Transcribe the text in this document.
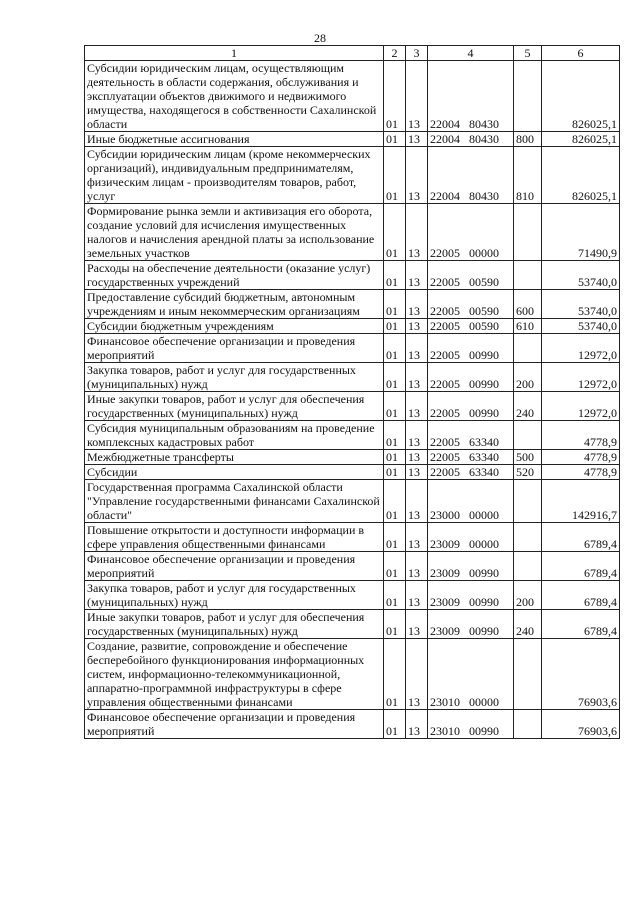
28
1	2	3	4	5	6
Субсидии юридическим лицам, осуществляющим деятельность в области содержания, обслуживания и эксплуатации объектов движимого и недвижимого имущества, находящегося в собственности Сахалинской области	01	13	22004 80430		826025,1
Иные бюджетные ассигнования	01	13	22004 80430	800	826025,1
Субсидии юридическим лицам (кроме некоммерческих организаций), индивидуальным предпринимателям, физическим лицам - производителям товаров, работ, услуг	01	13	22004 80430	810	826025,1
Формирование рынка земли и активизация его оборота, создание условий для исчисления имущественных налогов и начисления арендной платы за использование земельных участков	01	13	22005 00000		71490,9
Расходы на обеспечение деятельности (оказание услуг) государственных учреждений	01	13	22005 00590		53740,0
Предоставление субсидий бюджетным, автономным учреждениям и иным некоммерческим организациям	01	13	22005 00590	600	53740,0
Субсидии бюджетным учреждениям	01	13	22005 00590	610	53740,0
Финансовое обеспечение организации и проведения мероприятий	01	13	22005 00990		12972,0
Закупка товаров, работ и услуг для государственных (муниципальных) нужд	01	13	22005 00990	200	12972,0
Иные закупки товаров, работ и услуг для обеспечения государственных (муниципальных) нужд	01	13	22005 00990	240	12972,0
Субсидия муниципальным образованиям на проведение комплексных кадастровых работ	01	13	22005 63340		4778,9
Межбюджетные трансферты	01	13	22005 63340	500	4778,9
Субсидии	01	13	22005 63340	520	4778,9
Государственная программа Сахалинской области "Управление государственными финансами Сахалинской области"	01	13	23000 00000		142916,7
Повышение открытости и доступности информации в сфере управления общественными финансами	01	13	23009 00000		6789,4
Финансовое обеспечение организации и проведения мероприятий	01	13	23009 00990		6789,4
Закупка товаров, работ и услуг для государственных (муниципальных) нужд	01	13	23009 00990	200	6789,4
Иные закупки товаров, работ и услуг для обеспечения государственных (муниципальных) нужд	01	13	23009 00990	240	6789,4
Создание, развитие, сопровождение и обеспечение бесперебойного функционирования информационных систем, информационно-телекоммуникационной, аппаратно-программной инфраструктуры в сфере управления общественными финансами	01	13	23010 00000		76903,6
Финансовое обеспечение организации и проведения мероприятий	01	13	23010 00990		76903,6
